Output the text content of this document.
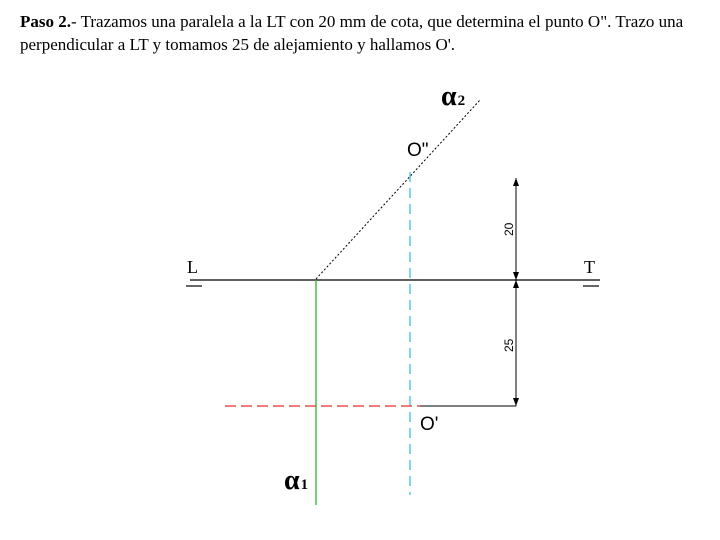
Paso 2.- Trazamos una paralela a la LT con 20 mm de cota, que determina el punto O". Trazo una perpendicular a LT y tomamos 25 de alejamiento y hallamos O'.
α2
α1
O"
O'
L	T
20
25
